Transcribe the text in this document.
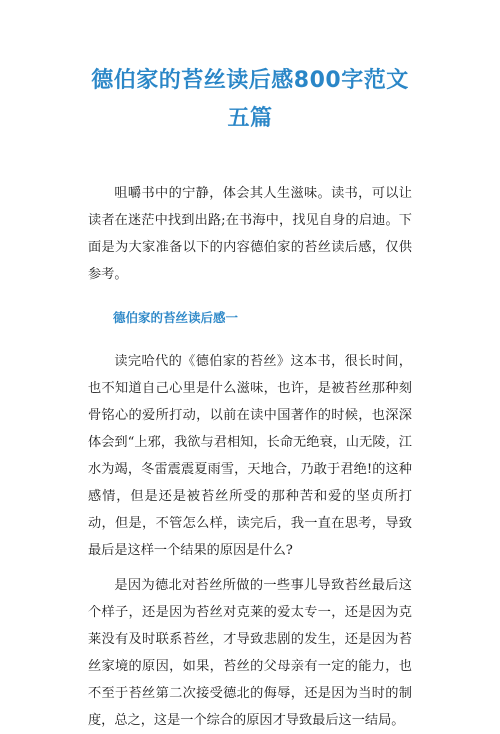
德伯家的苔丝读后感800字范文五篇

咀嚼书中的宁静，体会其人生滋味。读书，可以让读者在迷茫中找到出路;在书海中，找见自身的启迪。下面是为大家准备以下的内容德伯家的苔丝读后感，仅供参考。

德伯家的苔丝读后感一

读完哈代的《德伯家的苔丝》这本书，很长时间，也不知道自己心里是什么滋味，也许，是被苔丝那种刻骨铭心的爱所打动，以前在读中国著作的时候，也深深体会到“上邪，我欲与君相知，长命无绝衰，山无陵，江水为竭，冬雷震震夏雨雪，天地合，乃敢于君绝!的这种感情，但是还是被苔丝所受的那种苦和爱的坚贞所打动，但是，不管怎么样，读完后，我一直在思考，导致最后是这样一个结果的原因是什么?

是因为德北对苔丝所做的一些事儿导致苔丝最后这个样子，还是因为苔丝对克莱的爱太专一，还是因为克莱没有及时联系苔丝，才导致悲剧的发生，还是因为苔丝家境的原因，如果，苔丝的父母亲有一定的能力，也不至于苔丝第二次接受德北的侮辱，还是因为当时的制度，总之，这是一个综合的原因才导致最后这一结局。
